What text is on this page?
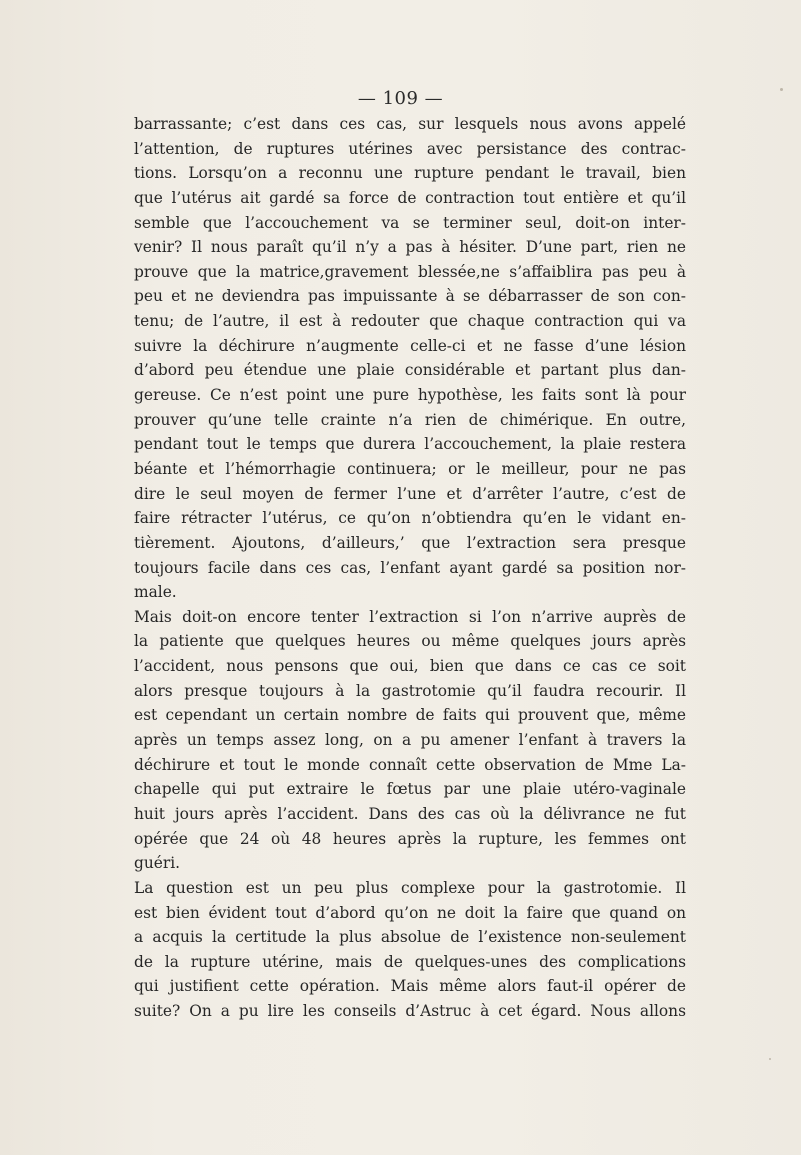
— 109 —
barrassante; c’est dans ces cas, sur lesquels nous avons appelé
l’attention, de ruptures utérines avec persistance des contrac-
tions. Lorsqu’on a reconnu une rupture pendant le travail, bien
que l’utérus ait gardé sa force de contraction tout entière et qu’il
semble que l’accouchement va se terminer seul, doit-on inter-
venir? Il nous paraît qu’il n’y a pas à hésiter. D’une part, rien ne
prouve que la matrice,gravement blessée,ne s’affaiblira pas peu à
peu et ne deviendra pas impuissante à se débarrasser de son con-
tenu; de l’autre, il est à redouter que chaque contraction qui va
suivre la déchirure n’augmente celle-ci et ne fasse d’une lésion
d’abord peu étendue une plaie considérable et partant plus dan-
gereuse. Ce n’est point une pure hypothèse, les faits sont là pour
prouver qu’une telle crainte n’a rien de chimérique. En outre,
pendant tout le temps que durera l’accouchement, la plaie restera
béante et l’hémorrhagie continuera; or le meilleur, pour ne pas
dire le seul moyen de fermer l’une et d’arrêter l’autre, c’est de
faire rétracter l’utérus, ce qu’on n’obtiendra qu’en le vidant en-
tièrement. Ajoutons, d’ailleurs,’ que l’extraction sera presque
toujours facile dans ces cas, l’enfant ayant gardé sa position nor-
male.
Mais doit-on encore tenter l’extraction si l’on n’arrive auprès de
la patiente que quelques heures ou même quelques jours après
l’accident, nous pensons que oui, bien que dans ce cas ce soit
alors presque toujours à la gastrotomie qu’il faudra recourir. Il
est cependant un certain nombre de faits qui prouvent que, même
après un temps assez long, on a pu amener l’enfant à travers la
déchirure et tout le monde connaît cette observation de Mme La-
chapelle qui put extraire le fœtus par une plaie utéro-vaginale
huit jours après l’accident. Dans des cas où la délivrance ne fut
opérée que 24 où 48 heures après la rupture, les femmes ont
guéri.
La question est un peu plus complexe pour la gastrotomie. Il
est bien évident tout d’abord qu’on ne doit la faire que quand on
a acquis la certitude la plus absolue de l’existence non-seulement
de la rupture utérine, mais de quelques-unes des complications
qui justifient cette opération. Mais même alors faut-il opérer de
suite? On a pu lire les conseils d’Astruc à cet égard. Nous allons
